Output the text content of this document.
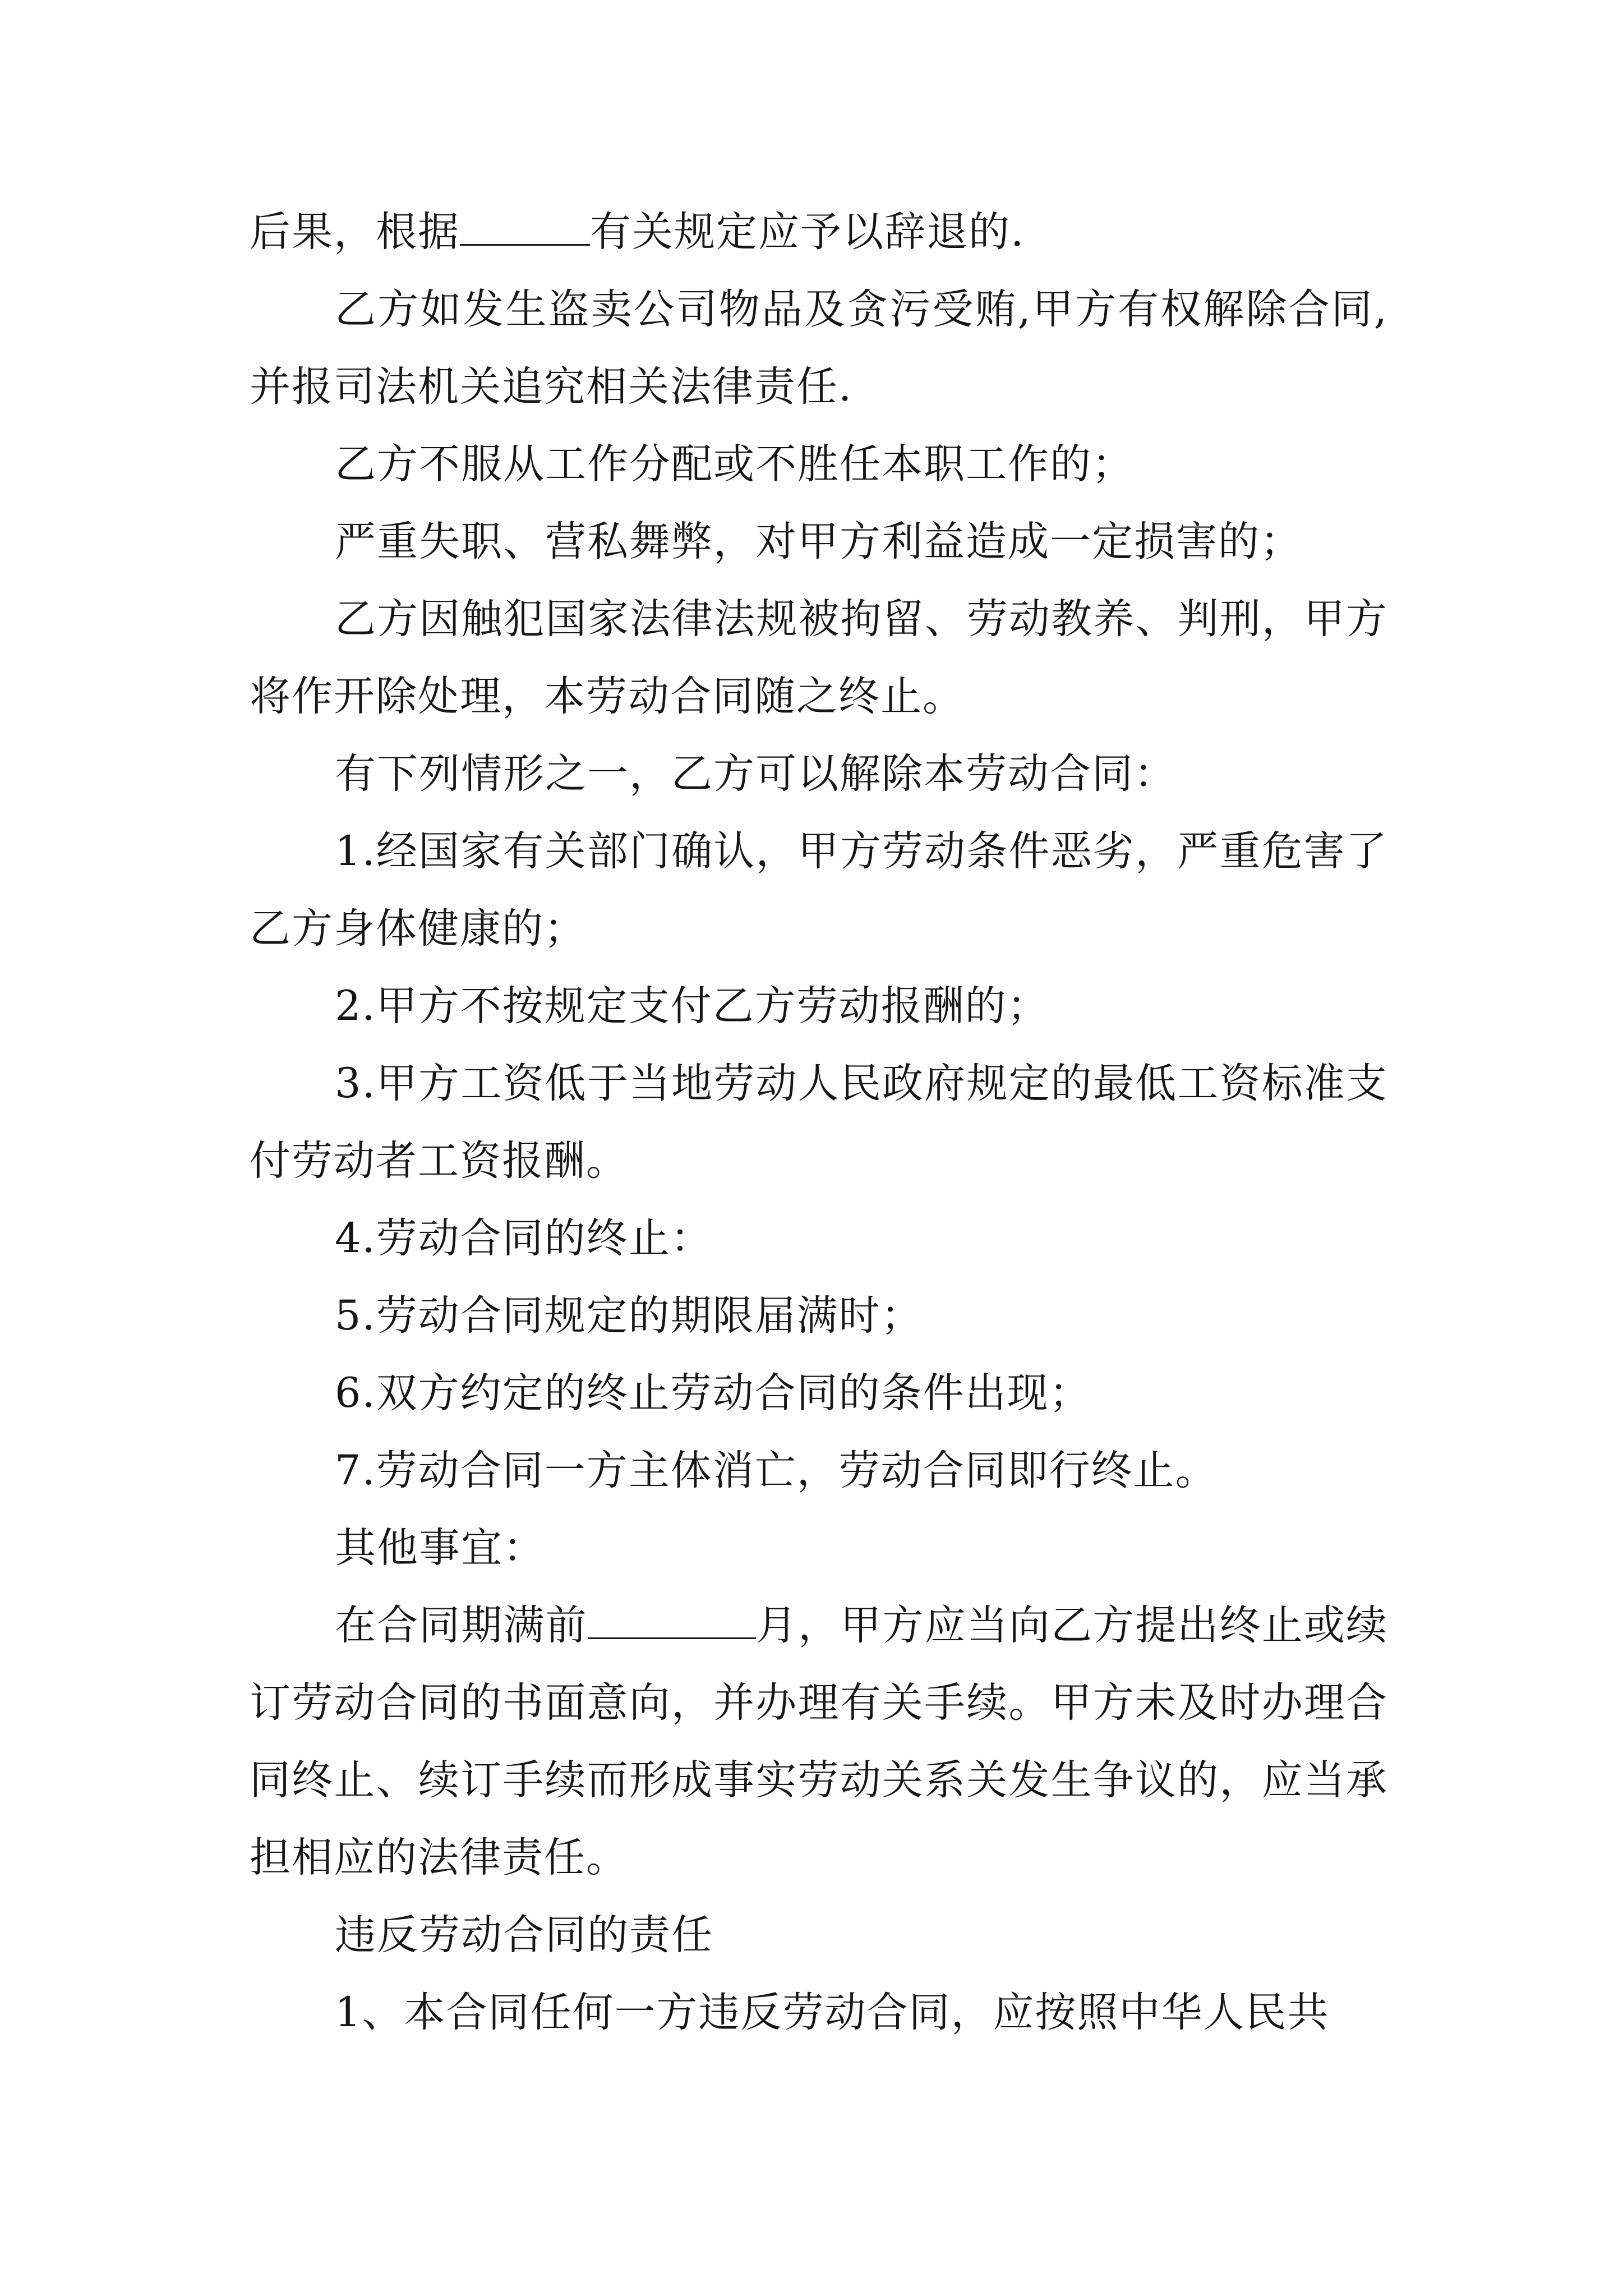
后果，根据	有关规定应予以辞退的.

乙方如发生盗卖公司物品及贪污受贿,甲方有权解除合同,并报司法机关追究相关法律责任.

乙方不服从工作分配或不胜任本职工作的；

严重失职、营私舞弊，对甲方利益造成一定损害的；

乙方因触犯国家法律法规被拘留、劳动教养、判刑，甲方将作开除处理，本劳动合同随之终止。

有下列情形之一，乙方可以解除本劳动合同：

1.经国家有关部门确认，甲方劳动条件恶劣，严重危害了乙方身体健康的；

2.甲方不按规定支付乙方劳动报酬的；

3.甲方工资低于当地劳动人民政府规定的最低工资标准支付劳动者工资报酬。

4.劳动合同的终止：

5.劳动合同规定的期限届满时；

6.双方约定的终止劳动合同的条件出现；

7.劳动合同一方主体消亡，劳动合同即行终止。

其他事宜：

在合同期满前	月，甲方应当向乙方提出终止或续订劳动合同的书面意向，并办理有关手续。甲方未及时办理合同终止、续订手续而形成事实劳动关系关发生争议的，应当承担相应的法律责任。

违反劳动合同的责任

1、本合同任何一方违反劳动合同，应按照中华人民共
